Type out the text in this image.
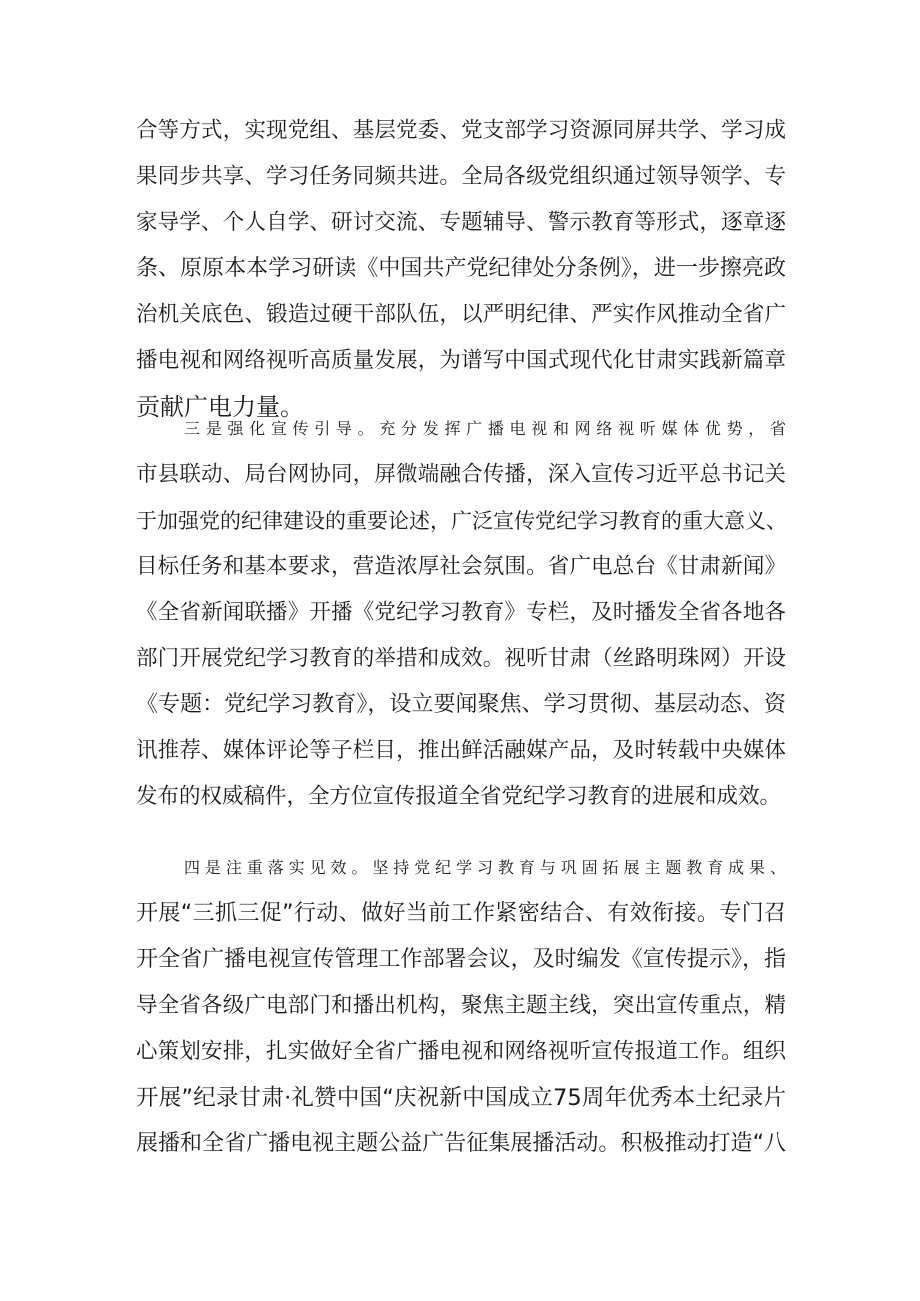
合等方式，实现党组、基层党委、党支部学习资源同屏共学、学习成
果同步共享、学习任务同频共进。全局各级党组织通过领导领学、专
家导学、个人自学、研讨交流、专题辅导、警示教育等形式，逐章逐
条、原原本本学习研读《中国共产党纪律处分条例》，进一步擦亮政
治机关底色、锻造过硬干部队伍，以严明纪律、严实作风推动全省广
播电视和网络视听高质量发展，为谱写中国式现代化甘肃实践新篇章
贡献广电力量。

三是强化宣传引导。充分发挥广播电视和网络视听媒体优势，省
市县联动、局台网协同，屏微端融合传播，深入宣传习近平总书记关
于加强党的纪律建设的重要论述，广泛宣传党纪学习教育的重大意义、
目标任务和基本要求，营造浓厚社会氛围。省广电总台《甘肃新闻》
《全省新闻联播》开播《党纪学习教育》专栏，及时播发全省各地各
部门开展党纪学习教育的举措和成效。视听甘肃（丝路明珠网）开设
《专题：党纪学习教育》，设立要闻聚焦、学习贯彻、基层动态、资
讯推荐、媒体评论等子栏目，推出鲜活融媒产品，及时转载中央媒体
发布的权威稿件，全方位宣传报道全省党纪学习教育的进展和成效。

四是注重落实见效。坚持党纪学习教育与巩固拓展主题教育成果、
开展“三抓三促”行动、做好当前工作紧密结合、有效衔接。专门召
开全省广播电视宣传管理工作部署会议，及时编发《宣传提示》，指
导全省各级广电部门和播出机构，聚焦主题主线，突出宣传重点，精
心策划安排，扎实做好全省广播电视和网络视听宣传报道工作。组织
开展”纪录甘肃·礼赞中国“庆祝新中国成立75周年优秀本土纪录片
展播和全省广播电视主题公益广告征集展播活动。积极推动打造“八
